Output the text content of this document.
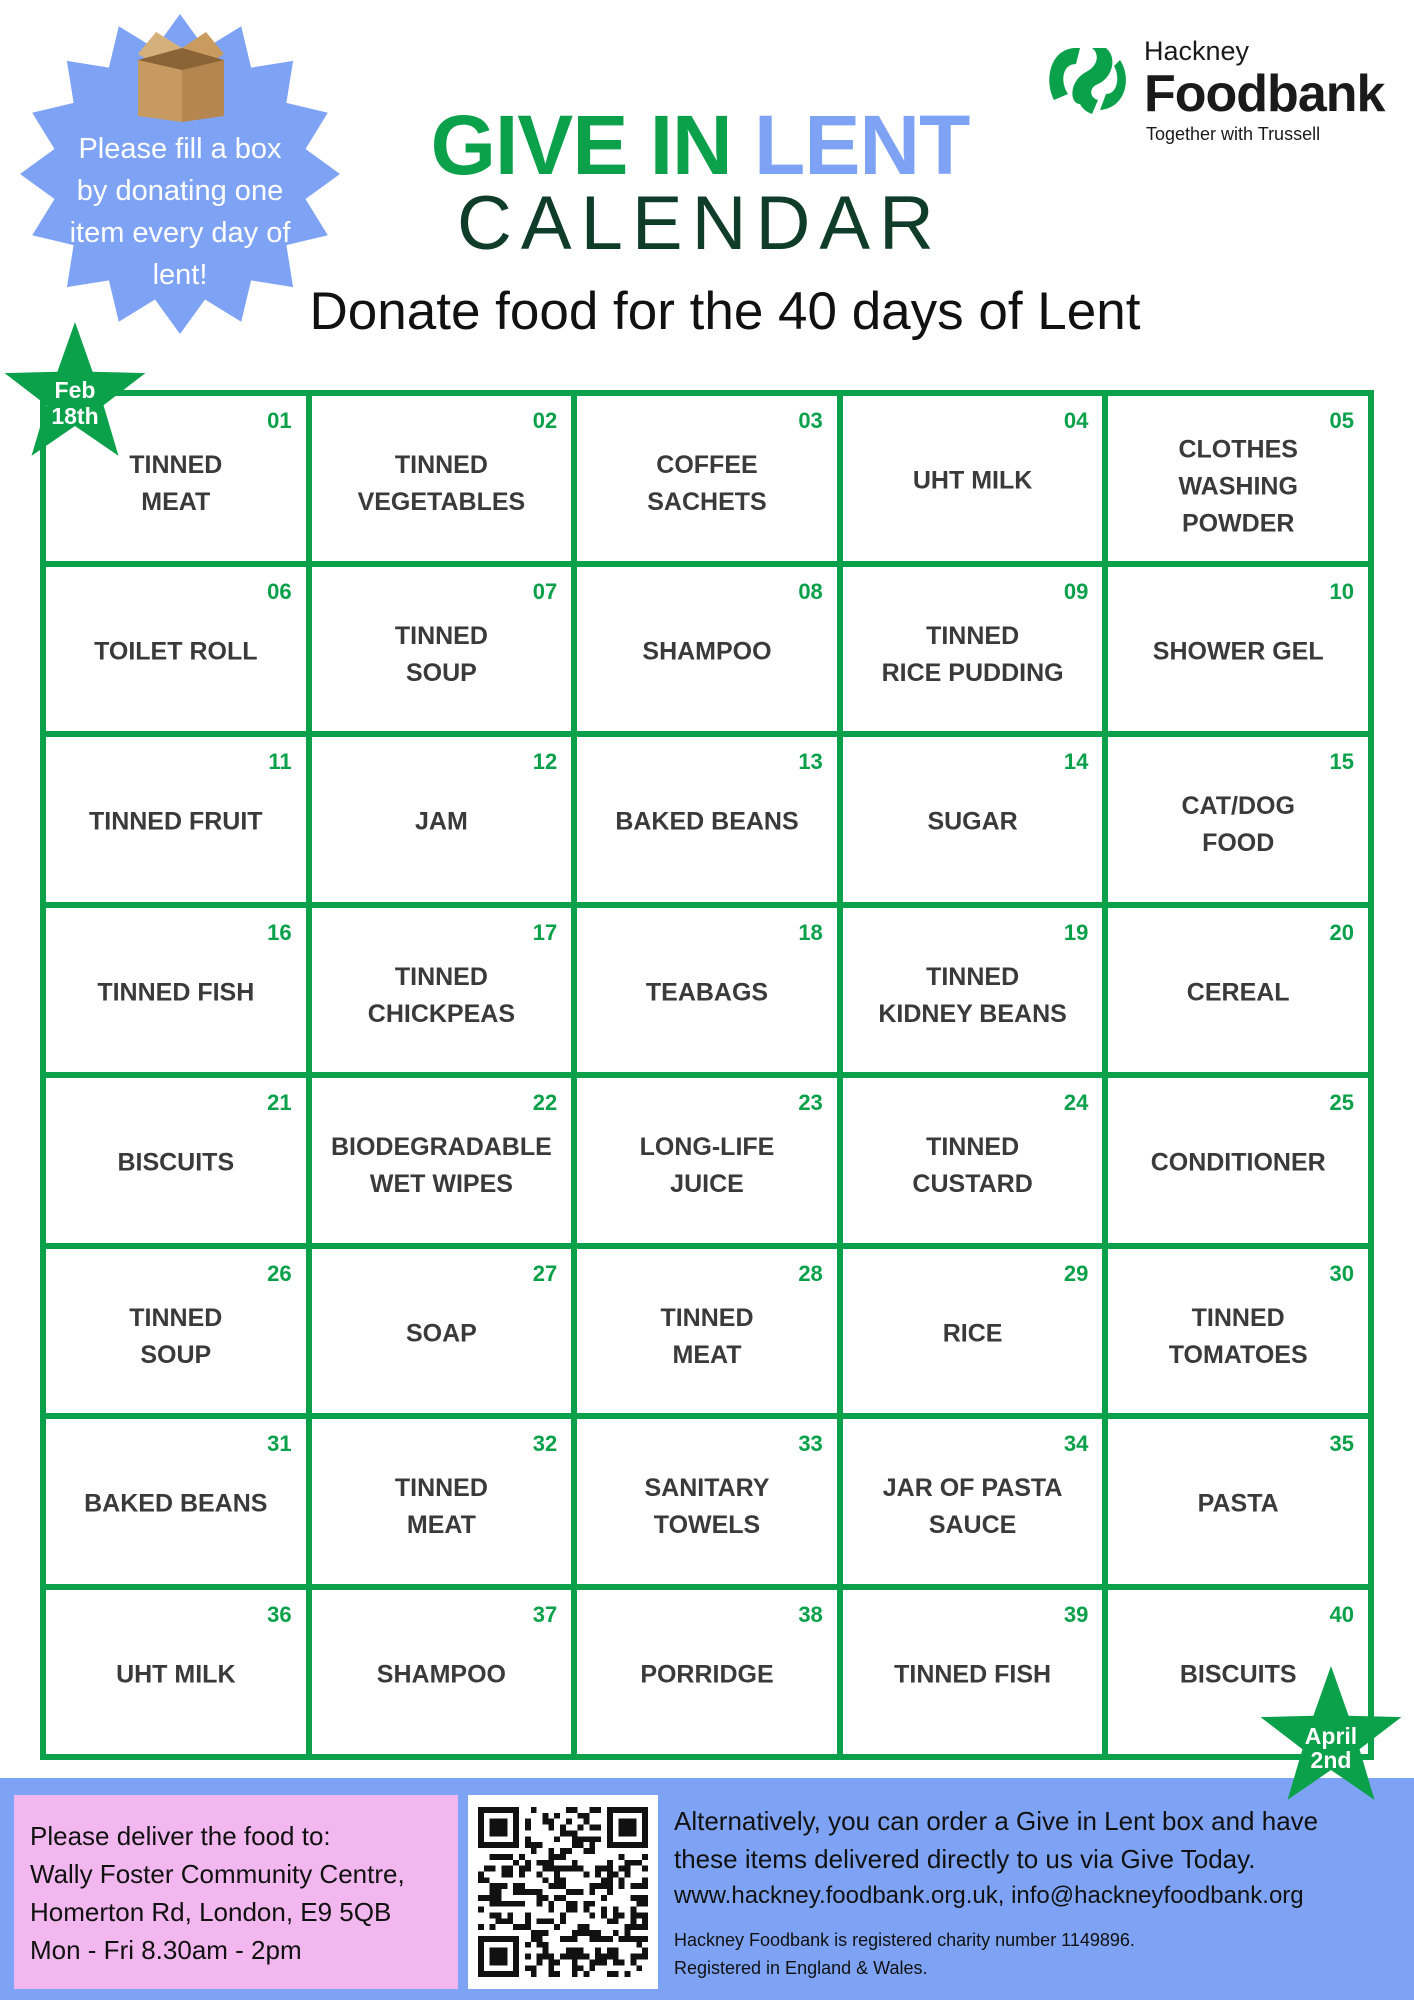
Please fill a box by donating one item every day of lent!
Hackney
Foodbank
Together with Trussell
GIVE IN LENT
CALENDAR
Donate food for the 40 days of Lent
01
TINNED
MEAT
02
TINNED
VEGETABLES
03
COFFEE
SACHETS
04
UHT MILK
05
CLOTHES
WASHING
POWDER
06
TOILET ROLL
07
TINNED
SOUP
08
SHAMPOO
09
TINNED
RICE PUDDING
10
SHOWER GEL
11
TINNED FRUIT
12
JAM
13
BAKED BEANS
14
SUGAR
15
CAT/DOG
FOOD
16
TINNED FISH
17
TINNED
CHICKPEAS
18
TEABAGS
19
TINNED
KIDNEY BEANS
20
CEREAL
21
BISCUITS
22
BIODEGRADABLE
WET WIPES
23
LONG-LIFE
JUICE
24
TINNED
CUSTARD
25
CONDITIONER
26
TINNED
SOUP
27
SOAP
28
TINNED
MEAT
29
RICE
30
TINNED
TOMATOES
31
BAKED BEANS
32
TINNED
MEAT
33
SANITARY
TOWELS
34
JAR OF PASTA
SAUCE
35
PASTA
36
UHT MILK
37
SHAMPOO
38
PORRIDGE
39
TINNED FISH
40
BISCUITS
Feb
18th
Please deliver the food to:
Wally Foster Community Centre,
Homerton Rd, London, E9 5QB
Mon - Fri 8.30am - 2pm
Alternatively, you can order a Give in Lent box and have
these items delivered directly to us via Give Today.
www.hackney.foodbank.org.uk, info@hackneyfoodbank.org
Hackney Foodbank is registered charity number 1149896.
Registered in England & Wales.
April
2nd
